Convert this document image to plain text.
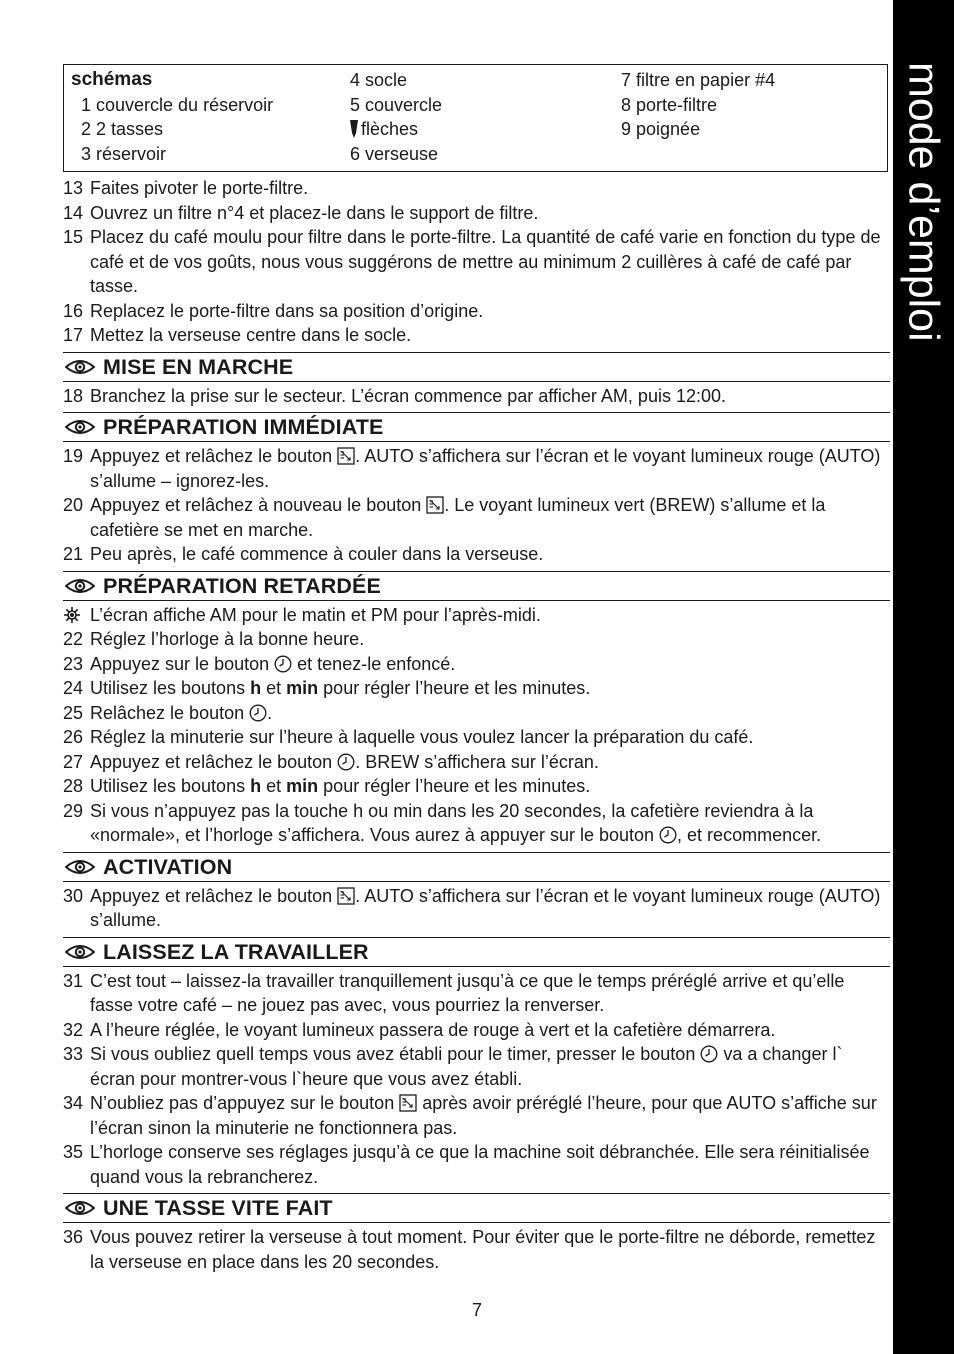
mode d’emploi
schémas
1 couvercle du réservoir
2 2 tasses
3 réservoir
4 socle
5 couvercle
flèches
6 verseuse
7 filtre en papier #4
8 porte-filtre
9 poignée
13 Faites pivoter le porte-filtre.
14 Ouvrez un filtre n°4 et placez-le dans le support de filtre.
15 Placez du café moulu pour filtre dans le porte-filtre. La quantité de café varie en fonction du type de café et de vos goûts, nous vous suggérons de mettre au minimum 2 cuillères à café de café par tasse.
16 Replacez le porte-filtre dans sa position d’origine.
17 Mettez la verseuse centre dans le socle.
MISE EN MARCHE
18 Branchez la prise sur le secteur. L’écran commence par afficher AM, puis 12:00.
PRÉPARATION IMMÉDIATE
19 Appuyez et relâchez le bouton . AUTO s’affichera sur l’écran et le voyant lumineux rouge (AUTO) s’allume – ignorez-les.
20 Appuyez et relâchez à nouveau le bouton . Le voyant lumineux vert (BREW) s’allume et la cafetière se met en marche.
21 Peu après, le café commence à couler dans la verseuse.
PRÉPARATION RETARDÉE
L’écran affiche AM pour le matin et PM pour l’après-midi.
22 Réglez l’horloge à la bonne heure.
23 Appuyez sur le bouton et tenez-le enfoncé.
24 Utilisez les boutons h et min pour régler l’heure et les minutes.
25 Relâchez le bouton .
26 Réglez la minuterie sur l’heure à laquelle vous voulez lancer la préparation du café.
27 Appuyez et relâchez le bouton . BREW s’affichera sur l’écran.
28 Utilisez les boutons h et min pour régler l’heure et les minutes.
29 Si vous n’appuyez pas la touche h ou min dans les 20 secondes, la cafetière reviendra à la «normale», et l’horloge s’affichera. Vous aurez à appuyer sur le bouton , et recommencer.
ACTIVATION
30 Appuyez et relâchez le bouton . AUTO s’affichera sur l’écran et le voyant lumineux rouge (AUTO) s’allume.
LAISSEZ LA TRAVAILLER
31 C’est tout – laissez-la travailler tranquillement jusqu’à ce que le temps préréglé arrive et qu’elle fasse votre café – ne jouez pas avec, vous pourriez la renverser.
32 A l’heure réglée, le voyant lumineux passera de rouge à vert et la cafetière démarrera.
33 Si vous oubliez quell temps vous avez établi pour le timer, presser le bouton va a changer l` écran pour montrer-vous l`heure que vous avez établi.
34 N’oubliez pas d’appuyez sur le bouton après avoir préréglé l’heure, pour que AUTO s’affiche sur l’écran sinon la minuterie ne fonctionnera pas.
35 L’horloge conserve ses réglages jusqu’à ce que la machine soit débranchée. Elle sera réinitialisée quand vous la rebrancherez.
UNE TASSE VITE FAIT
36 Vous pouvez retirer la verseuse à tout moment. Pour éviter que le porte-filtre ne déborde, remettez la verseuse en place dans les 20 secondes.
7
